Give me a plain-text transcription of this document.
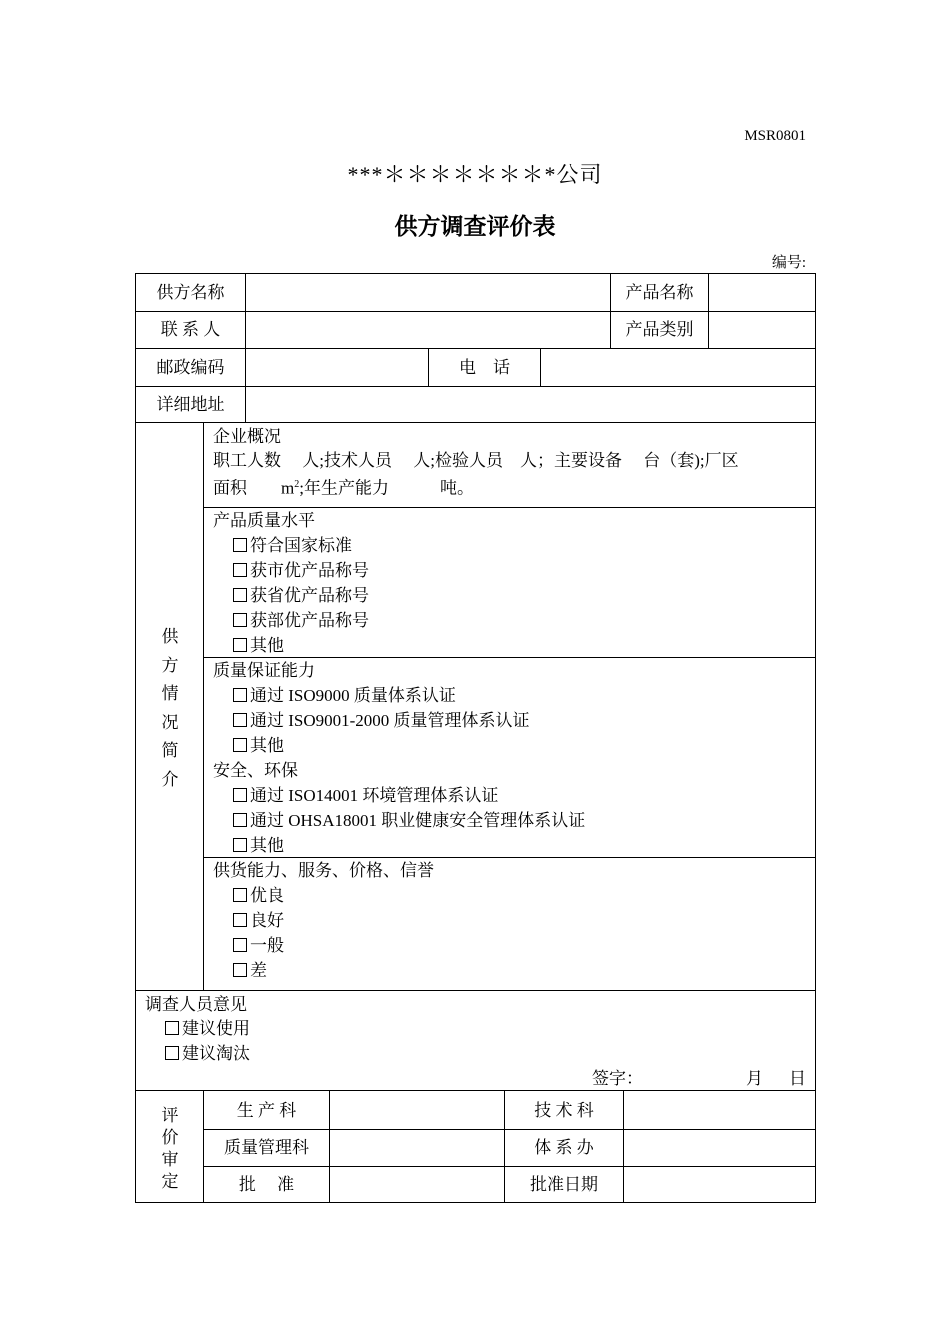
MSR0801
***＊＊＊＊＊＊＊*公司
供方调查评价表
编号:
供方名称	产品名称
联 系 人	产品类别
邮政编码	电　话
详细地址
供
方
情
况
简
介
企业概况
职工人数　 人;技术人员　 人;检验人员　人；主要设备　 台（套);厂区
面积　　$m^2$;年生产能力　　　吨。
产品质量水平
符合国家标准
获市优产品称号
获省优产品称号
获部优产品称号
其他
质量保证能力
通过 ISO9000 质量体系认证
通过 ISO9001-2000 质量管理体系认证
其他
安全、环保
通过 ISO14001 环境管理体系认证
通过 OHSA18001 职业健康安全管理体系认证
其他
供货能力、服务、价格、信誉
优良
良好
一般
差
调查人员意见
建议使用
建议淘汰
签字：	月 日
评
价
审
定
生 产 科	技 术 科
质量管理科	体 系 办
批　 准	批准日期
